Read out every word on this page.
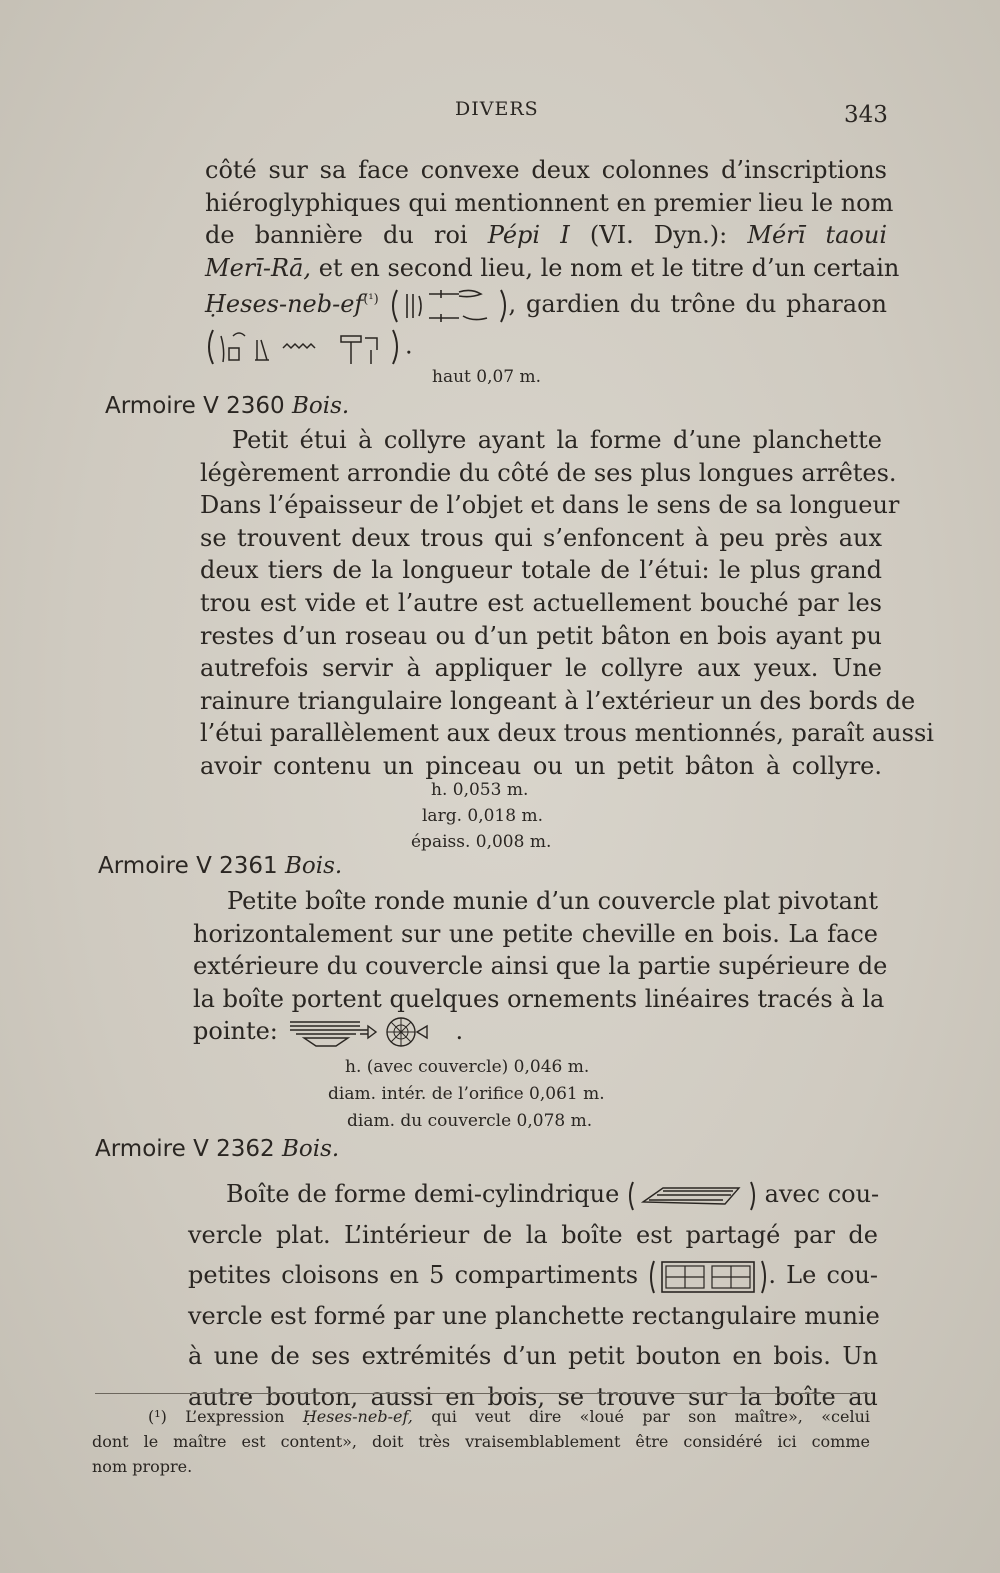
DIVERS	343
côté sur sa face convexe deux colonnes d’inscriptions
hiéroglyphiques qui mentionnent en premier lieu le nom
de bannière du roi Pépi I (VI. Dyn.): Mérī taoui
Merī-Rā, et en second lieu, le nom et le titre d’un certain
Ḥeses-$neb-ef^{(^1)}$	, gardien du trône du pharaon
.
haut 0,07 m.
Armoire V 2360 Bois.
Petit étui à collyre ayant la forme d’une planchette
légèrement arrondie du côté de ses plus longues arrêtes.
Dans l’épaisseur de l’objet et dans le sens de sa longueur
se trouvent deux trous qui s’enfoncent à peu près aux
deux tiers de la longueur totale de l’étui: le plus grand
trou est vide et l’autre est actuellement bouché par les
restes d’un roseau ou d’un petit bâton en bois ayant pu
autrefois servir à appliquer le collyre aux yeux. Une
rainure triangulaire longeant à l’extérieur un des bords de
l’étui parallèlement aux deux trous mentionnés, paraît aussi
avoir contenu un pinceau ou un petit bâton à collyre.
h. 0,053 m.
larg. 0,018 m.
épaiss. 0,008 m.
Armoire V 2361 Bois.
Petite boîte ronde munie d’un couvercle plat pivotant
horizontalement sur une petite cheville en bois. La face
extérieure du couvercle ainsi que la partie supérieure de
la boîte portent quelques ornements linéaires tracés à la
pointe:	.
h. (avec couvercle) 0,046 m.
diam. intér. de l’orifice 0,061 m.
diam. du couvercle 0,078 m.
Armoire V 2362 Bois.
Boîte de forme demi-cylindrique	avec cou-
vercle plat. L’intérieur de la boîte est partagé par de
petites cloisons en 5 compartiments	. Le cou-
vercle est formé par une planchette rectangulaire munie
à une de ses extrémités d’un petit bouton en bois. Un
autre bouton, aussi en bois, se trouve sur la boîte au
(¹) L’expression Ḥeses-neb-ef, qui veut dire «loué par son maître», «celui
dont le maître est content», doit très vraisemblablement être considéré ici comme
nom propre.
